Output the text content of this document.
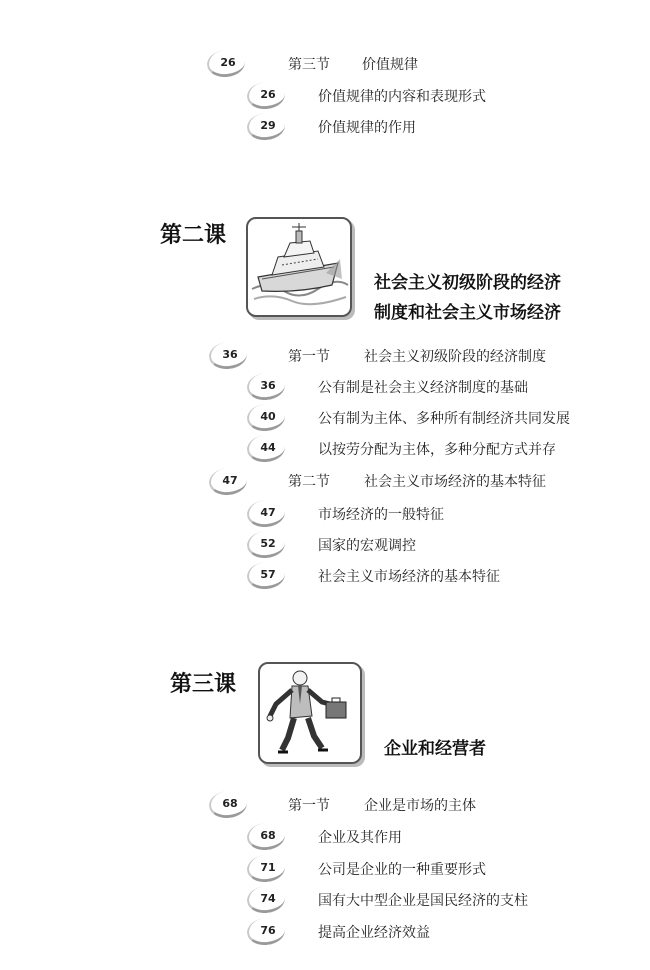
26	第三节 价值规律
26	价值规律的内容和表现形式
29	价值规律的作用
第二课
社会主义初级阶段的经济
制度和社会主义市场经济
36	第一节 社会主义初级阶段的经济制度
36	公有制是社会主义经济制度的基础
40	公有制为主体、多种所有制经济共同发展
44	以按劳分配为主体，多种分配方式并存
47	第二节 社会主义市场经济的基本特征
47	市场经济的一般特征
52	国家的宏观调控
57	社会主义市场经济的基本特征
第三课
企业和经营者
68	第一节 企业是市场的主体
68	企业及其作用
71	公司是企业的一种重要形式
74	国有大中型企业是国民经济的支柱
76	提高企业经济效益
